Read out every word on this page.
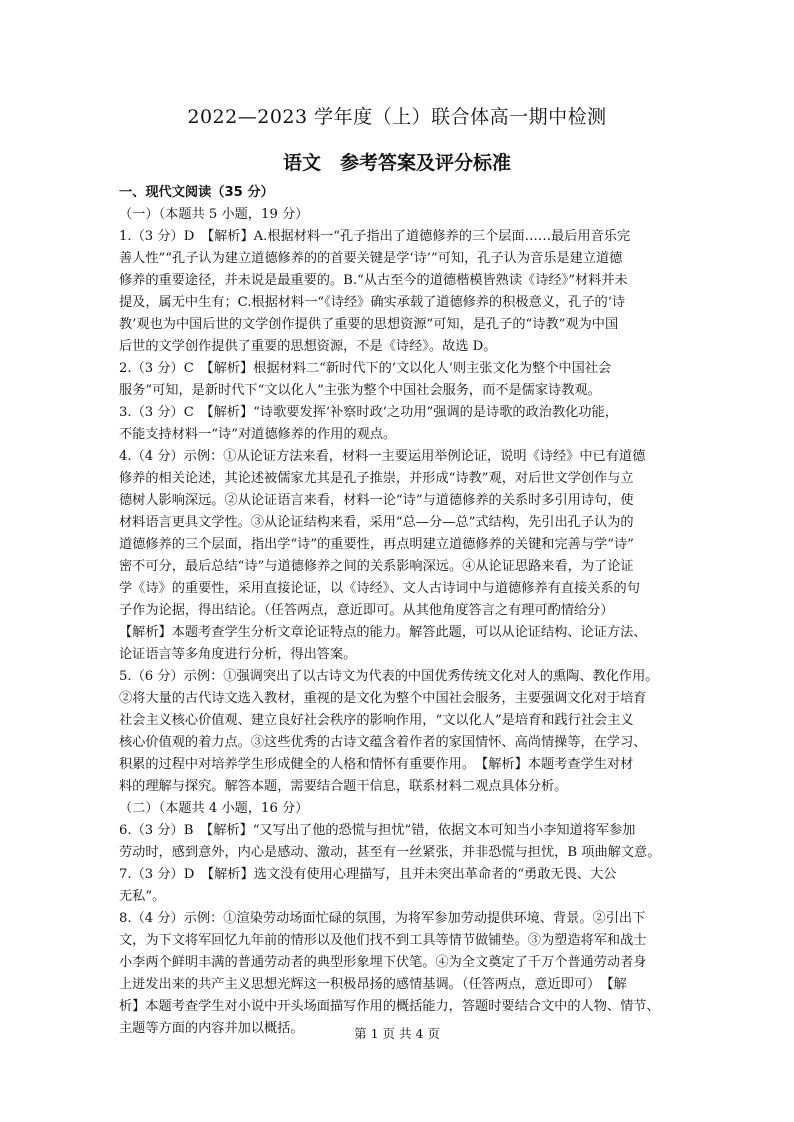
2022—2023 学年度（上）联合体高一期中检测
语文　参考答案及评分标准
一、现代文阅读（35 分）
（一）（本题共 5 小题，19 分）
1.（3 分）D　【解析】A.根据材料一“孔子指出了道德修养的三个层面……最后用音乐完
善人性”“孔子认为建立道德修养的的首要关键是学‘诗’”可知，孔子认为音乐是建立道德
修养的重要途径，并未说是最重要的。B.“从古至今的道德楷模皆熟读《诗经》”材料并未
提及，属无中生有；C.根据材料一“《诗经》确实承载了道德修养的积极意义，孔子的‘诗
教’观也为中国后世的文学创作提供了重要的思想资源”可知，是孔子的“诗教”观为中国
后世的文学创作提供了重要的思想资源，不是《诗经》。故选 D。
2.（3 分）C　【解析】根据材料二“新时代下的‘文以化人’则主张文化为整个中国社会
服务”可知，是新时代下“文以化人”主张为整个中国社会服务，而不是儒家诗教观。
3.（3 分）C　【解析】“诗歌要发挥‘补察时政’之功用”强调的是诗歌的政治教化功能，
不能支持材料一“诗”对道德修养的作用的观点。
4.（4 分）示例：①从论证方法来看，材料一主要运用举例论证，说明《诗经》中已有道德
修养的相关论述，其论述被儒家尤其是孔子推崇，并形成“诗教”观，对后世文学创作与立
德树人影响深远。②从论证语言来看，材料一论“诗”与道德修养的关系时多引用诗句，使
材料语言更具文学性。③从论证结构来看，采用“总—分—总”式结构，先引出孔子认为的
道德修养的三个层面，指出学“诗”的重要性，再点明建立道德修养的关键和完善与学“诗”
密不可分，最后总结“诗”与道德修养之间的关系影响深远。④从论证思路来看，为了论证
学《诗》的重要性，采用直接论证，以《诗经》、文人古诗词中与道德修养有直接关系的句
子作为论据，得出结论。（任答两点，意近即可。从其他角度答言之有理可酌情给分）
【解析】本题考查学生分析文章论证特点的能力。解答此题，可以从论证结构、论证方法、
论证语言等多角度进行分析，得出答案。
5.（6 分）示例：①强调突出了以古诗文为代表的中国优秀传统文化对人的熏陶、教化作用。
②将大量的古代诗文选入教材，重视的是文化为整个中国社会服务，主要强调文化对于培育
社会主义核心价值观、建立良好社会秩序的影响作用，“文以化人”是培育和践行社会主义
核心价值观的着力点。③这些优秀的古诗文蕴含着作者的家国情怀、高尚情操等，在学习、
积累的过程中对培养学生形成健全的人格和情怀有重要作用。　【解析】本题考查学生对材
料的理解与探究。解答本题，需要结合题干信息，联系材料二观点具体分析。
（二）（本题共 4 小题，16 分）
6.（3 分）B　【解析】“又写出了他的恐慌与担忧”错，依据文本可知当小李知道将军参加
劳动时，感到意外，内心是感动、激动，甚至有一丝紧张，并非恐慌与担忧，B 项曲解文意。
7.（3 分）D　【解析】选文没有使用心理描写，且并未突出革命者的“勇敢无畏、大公
无私”。
8.（4 分）示例：①渲染劳动场面忙碌的氛围，为将军参加劳动提供环境、背景。②引出下
文，为下文将军回忆九年前的情形以及他们找不到工具等情节做铺垫。③为塑造将军和战士
小李两个鲜明丰满的普通劳动者的典型形象埋下伏笔。④为全文奠定了千万个普通劳动者身
上迸发出来的共产主义思想光辉这一积极昂扬的感情基调。（任答两点，意近即可）　【解
析】本题考查学生对小说中开头场面描写作用的概括能力，答题时要结合文中的人物、情节、
主题等方面的内容并加以概括。	第 1 页 共 4 页
